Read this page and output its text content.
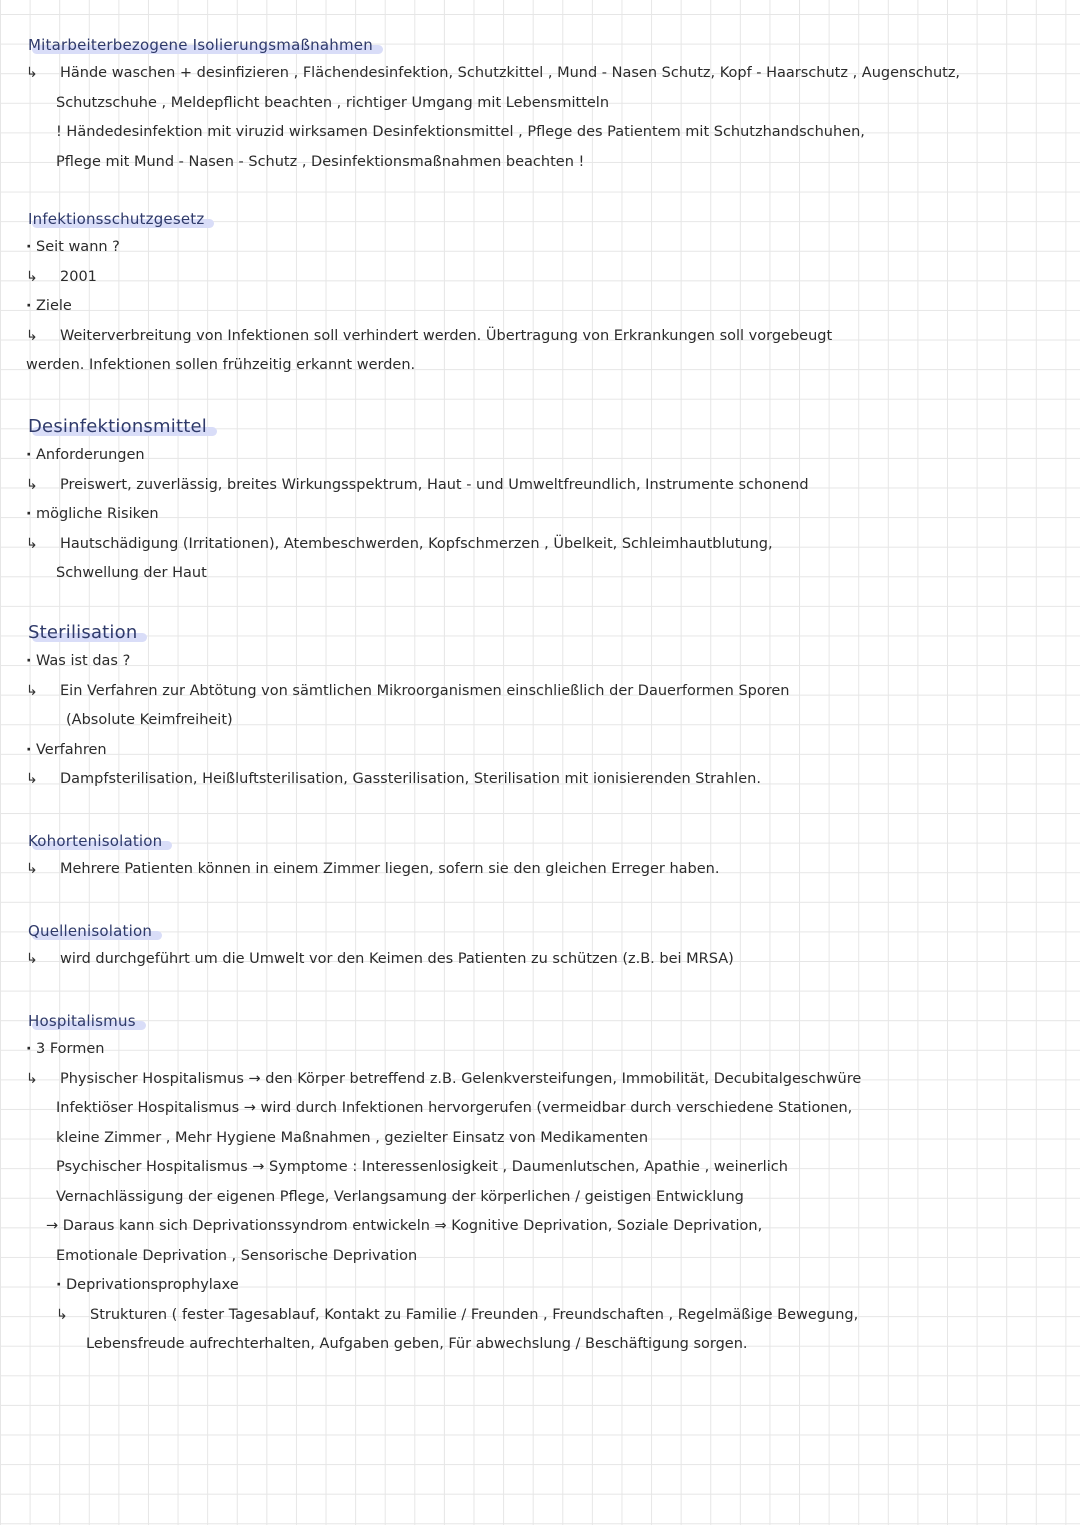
Mitarbeiterbezogene Isolierungsmaßnahmen
↳ Hände waschen + desinfizieren , Flächendesinfektion, Schutzkittel , Mund - Nasen Schutz, Kopf - Haarschutz , Augenschutz,
Schutzschuhe , Meldepflicht beachten , richtiger Umgang mit Lebensmitteln
! Händedesinfektion mit viruzid wirksamen Desinfektionsmittel , Pflege des Patientem mit Schutzhandschuhen,
Pflege mit Mund - Nasen - Schutz , Desinfektionsmaßnahmen beachten !
Infektionsschutzgesetz
· Seit wann ?
↳ 2001
· Ziele
↳ Weiterverbreitung von Infektionen soll verhindert werden. Übertragung von Erkrankungen soll vorgebeugt
werden. Infektionen sollen frühzeitig erkannt werden.
Desinfektionsmittel
· Anforderungen
↳ Preiswert, zuverlässig, breites Wirkungsspektrum, Haut - und Umweltfreundlich, Instrumente schonend
· mögliche Risiken
↳ Hautschädigung (Irritationen), Atembeschwerden, Kopfschmerzen , Übelkeit, Schleimhautblutung,
Schwellung der Haut
Sterilisation
· Was ist das ?
↳ Ein Verfahren zur Abtötung von sämtlichen Mikroorganismen einschließlich der Dauerformen Sporen
(Absolute Keimfreiheit)
· Verfahren
↳ Dampfsterilisation, Heißluftsterilisation, Gassterilisation, Sterilisation mit ionisierenden Strahlen.
Kohortenisolation
↳ Mehrere Patienten können in einem Zimmer liegen, sofern sie den gleichen Erreger haben.
Quellenisolation
↳ wird durchgeführt um die Umwelt vor den Keimen des Patienten zu schützen (z.B. bei MRSA)
Hospitalismus
· 3 Formen
↳ Physischer Hospitalismus → den Körper betreffend z.B. Gelenkversteifungen, Immobilität, Decubitalgeschwüre
Infektiöser Hospitalismus → wird durch Infektionen hervorgerufen (vermeidbar durch verschiedene Stationen,
kleine Zimmer , Mehr Hygiene Maßnahmen , gezielter Einsatz von Medikamenten
Psychischer Hospitalismus → Symptome : Interessenlosigkeit , Daumenlutschen, Apathie , weinerlich
Vernachlässigung der eigenen Pflege, Verlangsamung der körperlichen / geistigen Entwicklung
→ Daraus kann sich Deprivationssyndrom entwickeln ⇒ Kognitive Deprivation, Soziale Deprivation,
Emotionale Deprivation , Sensorische Deprivation
· Deprivationsprophylaxe
↳ Strukturen ( fester Tagesablauf, Kontakt zu Familie / Freunden , Freundschaften , Regelmäßige Bewegung,
Lebensfreude aufrechterhalten, Aufgaben geben, Für abwechslung / Beschäftigung sorgen.
